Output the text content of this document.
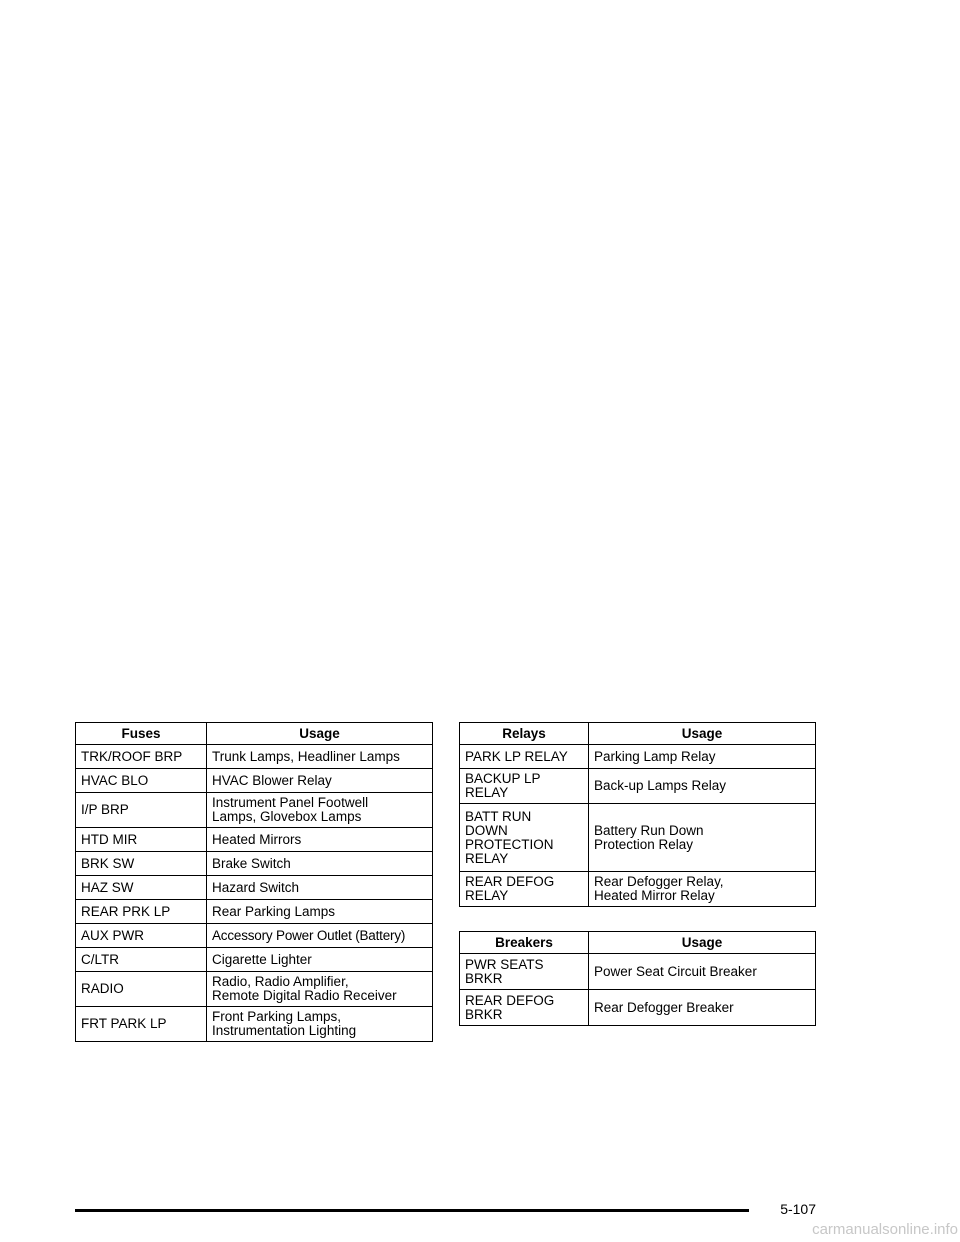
Fuses	Usage

TRK/ROOF BRP	Trunk Lamps, Headliner Lamps

HVAC BLO	HVAC Blower Relay

I/P BRP	Instrument Panel Footwell
Lamps, Glovebox Lamps

HTD MIR	Heated Mirrors

BRK SW	Brake Switch

HAZ SW	Hazard Switch

REAR PRK LP	Rear Parking Lamps

AUX PWR	Accessory Power Outlet (Battery)

C/LTR	Cigarette Lighter

RADIO	Radio, Radio Amplifier,
Remote Digital Radio Receiver

FRT PARK LP	Front Parking Lamps,
Instrumentation Lighting
Relays	Usage

PARK LP RELAY	Parking Lamp Relay

BACKUP LP
RELAY	Back-up Lamps Relay

BATT RUN
DOWN
PROTECTION
RELAY	Battery Run Down
Protection Relay

REAR DEFOG
RELAY	Rear Defogger Relay,
Heated Mirror Relay
Breakers	Usage

PWR SEATS
BRKR	Power Seat Circuit Breaker

REAR DEFOG
BRKR	Rear Defogger Breaker
5-107
carmanualsonline.info
